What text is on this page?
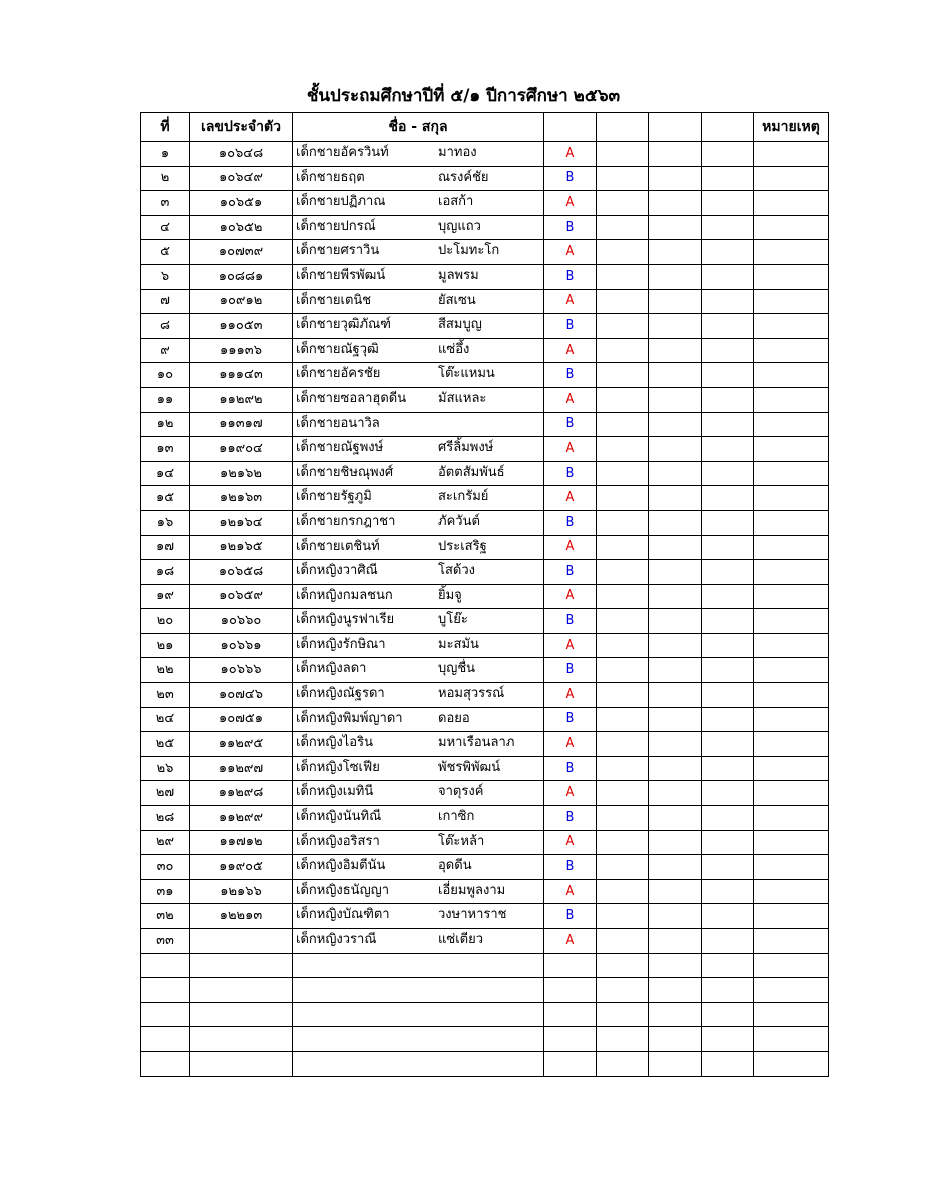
ชั้นประถมศึกษาปีที่ ๕/๑ ปีการศึกษา ๒๕๖๓
ที่	เลขประจำตัว	ชื่อ - สกุล					หมายเหตุ
๑	๑๐๖๔๘	เด็กชายอัครวินท์ มาทอง	A				
๒	๑๐๖๔๙	เด็กชายธฤต ณรงค์ชัย	B				
๓	๑๐๖๕๑	เด็กชายปฏิภาณ เอสก้า	A				
๔	๑๐๖๕๒	เด็กชายปกรณ์ บุญแถว	B				
๕	๑๐๗๓๙	เด็กชายศราวิน ปะโมทะโก	A				
๖	๑๐๘๘๑	เด็กชายพีรพัฒน์ มูลพรม	B				
๗	๑๐๙๑๒	เด็กชายเตนิช ยัสเซน	A				
๘	๑๑๐๕๓	เด็กชายวุฒิภัณฑ์ สีสมบูญ	B				
๙	๑๑๑๓๖	เด็กชายณัฐวุฒิ แซ่อึ้ง	A				
๑๐	๑๑๑๔๓	เด็กชายอัครชัย โต๊ะแหมน	B				
๑๑	๑๑๒๙๒	เด็กชายซอลาฮุดดีน มัสแหละ	A				
๑๒	๑๑๓๑๗	เด็กชายอนาวิล	B				
๑๓	๑๑๙๐๔	เด็กชายณัฐพงษ์ ศรีลิ้มพงษ์	A				
๑๔	๑๒๑๖๒	เด็กชายชิษณุพงศ์ อัตตสัมพันธ์	B				
๑๕	๑๒๑๖๓	เด็กชายรัฐภูมิ สะเกรัมย์	A				
๑๖	๑๒๑๖๔	เด็กชายกรกฎาชา ภัควันต์	B				
๑๗	๑๒๑๖๕	เด็กชายเตชินท์ ประเสริฐ	A				
๑๘	๑๐๖๕๘	เด็กหญิงวาศิณี โสด้วง	B				
๑๙	๑๐๖๕๙	เด็กหญิงกมลชนก ยิ้มจู	A				
๒๐	๑๐๖๖๐	เด็กหญิงนูรฟาเรีย บูโย๊ะ	B				
๒๑	๑๐๖๖๑	เด็กหญิงรักษิณา มะสมัน	A				
๒๒	๑๐๖๖๖	เด็กหญิงลดา บุญชื่น	B				
๒๓	๑๐๗๔๖	เด็กหญิงณัฐรดา หอมสุวรรณ์	A				
๒๔	๑๐๗๕๑	เด็กหญิงพิมพ์ญาดา ดอยอ	B				
๒๕	๑๑๒๙๕	เด็กหญิงไอริน มหาเรือนลาภ	A				
๒๖	๑๑๒๙๗	เด็กหญิงโซเฟีย พัชรพิพัฒน์	B				
๒๗	๑๑๒๙๘	เด็กหญิงเมทินี จาตุรงค์	A				
๒๘	๑๑๒๙๙	เด็กหญิงนันทิณี เกาซิก	B				
๒๙	๑๑๗๑๒	เด็กหญิงอริสรา โต๊ะหล้า	A				
๓๐	๑๑๙๐๕	เด็กหญิงอิมตีนัน อุดดีน	B				
๓๑	๑๒๑๖๖	เด็กหญิงธนัญญา เอี่ยมพูลงาม	A				
๓๒	๑๒๒๑๓	เด็กหญิงบัณฑิตา วงษาหาราช	B				
๓๓		เด็กหญิงวราณี แซ่เตียว	A				
